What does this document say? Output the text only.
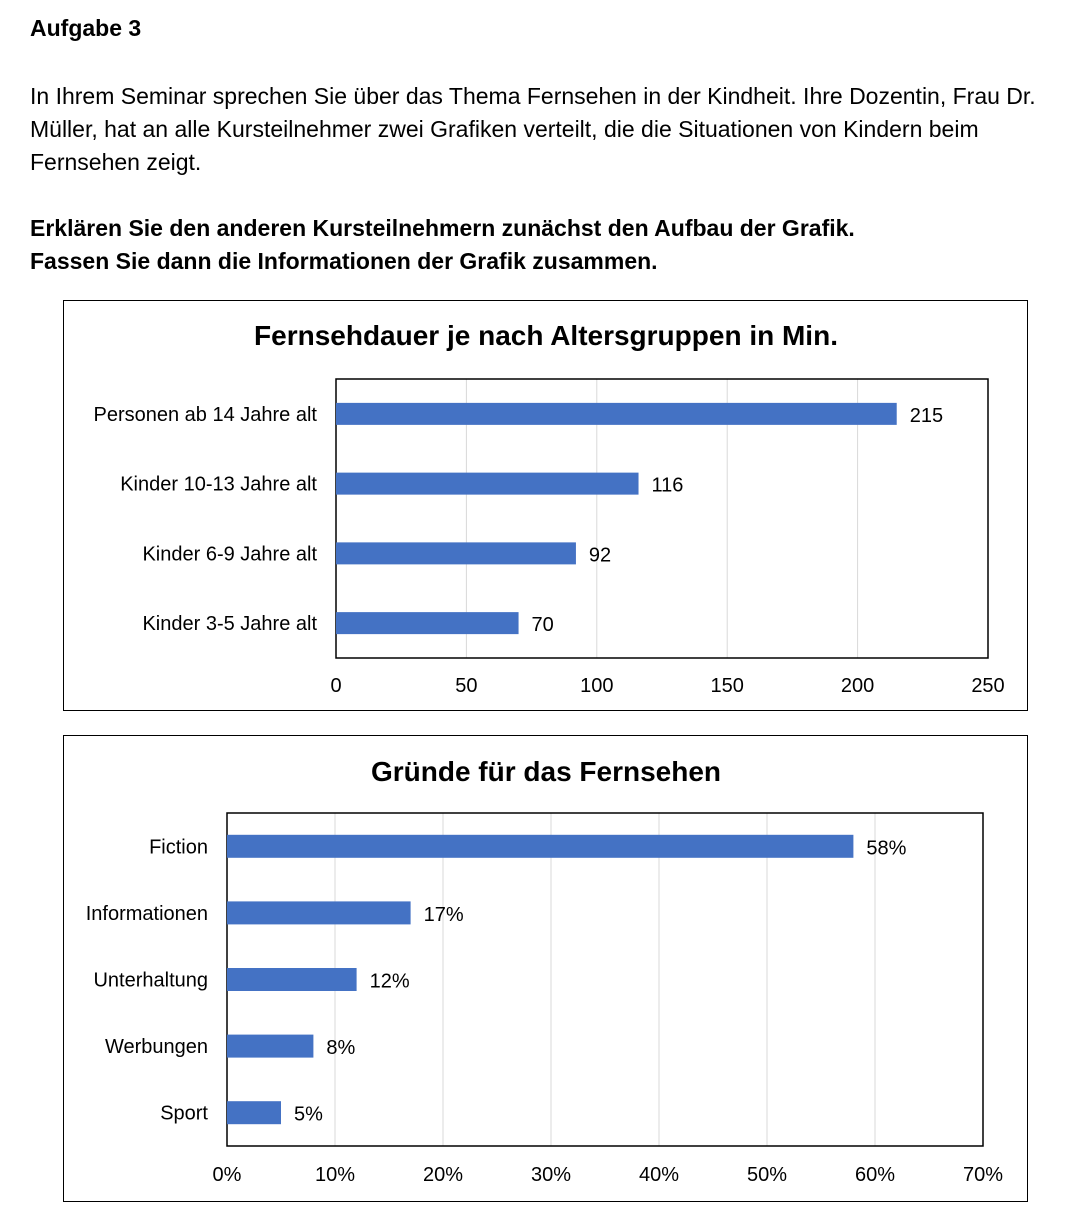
Aufgabe 3

In Ihrem Seminar sprechen Sie über das Thema Fernsehen in der Kindheit. Ihre Dozentin, Frau Dr. Müller, hat an alle Kursteilnehmer zwei Grafiken verteilt, die die Situationen von Kindern beim Fernsehen zeigt.

Erklären Sie den anderen Kursteilnehmern zunächst den Aufbau der Grafik.
Fassen Sie dann die Informationen der Grafik zusammen.

Fernsehdauer je nach Altersgruppen in Min.
Personen ab 14 Jahre alt	215
Kinder 10-13 Jahre alt	116
Kinder 6-9 Jahre alt	92
Kinder 3-5 Jahre alt	70
0	50	100	150	200	250
Gründe für das Fernsehen
Fiction	58%
Informationen	17%
Unterhaltung	12%
Werbungen	8%
Sport	5%
0%	10%	20%	30%	40%	50%	60%	70%
